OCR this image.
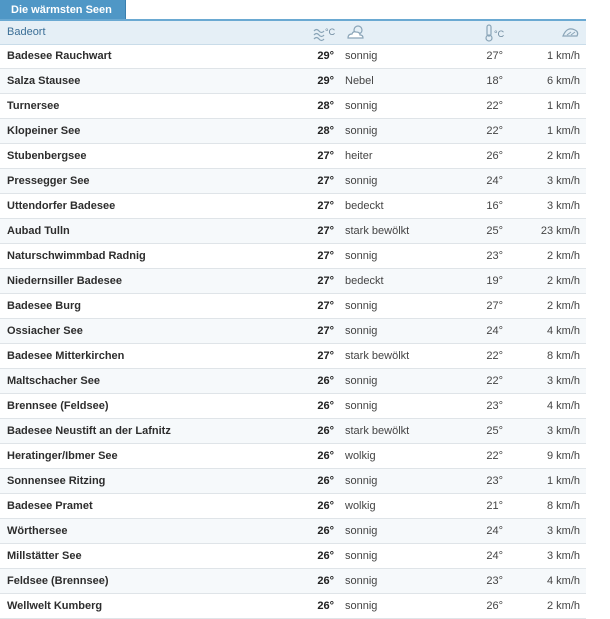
Die wärmsten Seen
Badeort	°C	°C
Badesee Rauchwart	29° sonnig	27°	1 km/h
Salza Stausee	29° Nebel	18°	6 km/h
Turnersee	28° sonnig	22°	1 km/h
Klopeiner See	28° sonnig	22°	1 km/h
Stubenbergsee	27° heiter	26°	2 km/h
Pressegger See	27° sonnig	24°	3 km/h
Uttendorfer Badesee	27° bedeckt	16°	3 km/h
Aubad Tulln	27° stark bewölkt	25°	23 km/h
Naturschwimmbad Radnig	27° sonnig	23°	2 km/h
Niedernsiller Badesee	27° bedeckt	19°	2 km/h
Badesee Burg	27° sonnig	27°	2 km/h
Ossiacher See	27° sonnig	24°	4 km/h
Badesee Mitterkirchen	27° stark bewölkt	22°	8 km/h
Maltschacher See	26° sonnig	22°	3 km/h
Brennsee (Feldsee)	26° sonnig	23°	4 km/h
Badesee Neustift an der Lafnitz	26° stark bewölkt	25°	3 km/h
Heratinger/Ibmer See	26° wolkig	22°	9 km/h
Sonnensee Ritzing	26° sonnig	23°	1 km/h
Badesee Pramet	26° wolkig	21°	8 km/h
Wörthersee	26° sonnig	24°	3 km/h
Millstätter See	26° sonnig	24°	3 km/h
Feldsee (Brennsee)	26° sonnig	23°	4 km/h
Wellwelt Kumberg	26° sonnig	26°	2 km/h
